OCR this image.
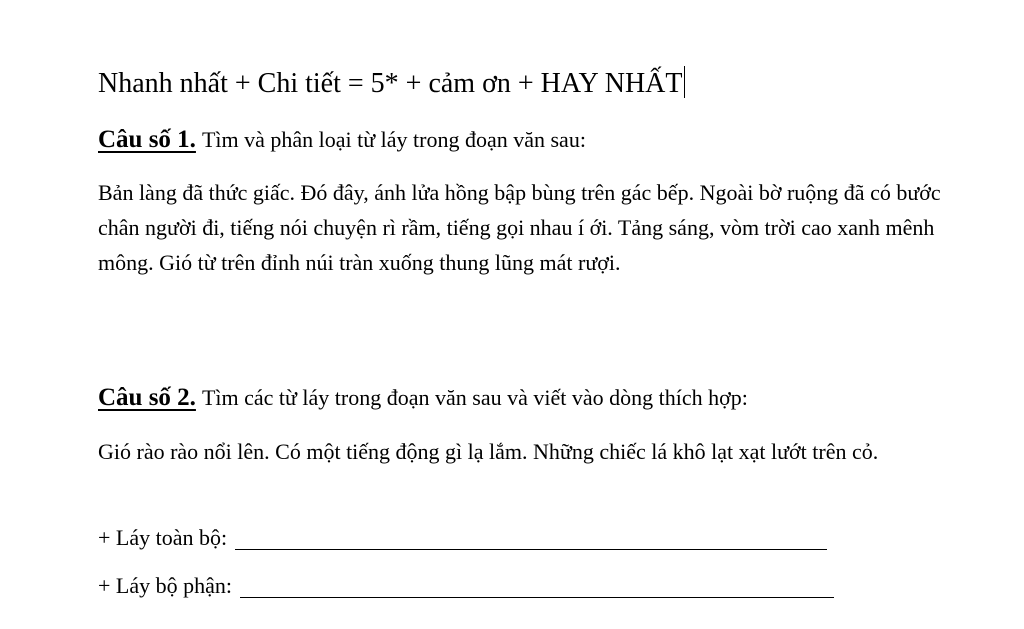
Nhanh nhất + Chi tiết = 5* + cảm ơn + HAY NHẤT
Câu số 1. Tìm và phân loại từ láy trong đoạn văn sau:
Bản làng đã thức giấc. Đó đây, ánh lửa hồng bập bùng trên gác bếp. Ngoài bờ ruộng đã có bước chân người đi, tiếng nói chuyện rì rầm, tiếng gọi nhau í ới. Tảng sáng, vòm trời cao xanh mênh mông. Gió từ trên đỉnh núi tràn xuống thung lũng mát rượi.
Câu số 2. Tìm các từ láy trong đoạn văn sau và viết vào dòng thích hợp:
Gió rào rào nổi lên. Có một tiếng động gì lạ lắm. Những chiếc lá khô lạt xạt lướt trên cỏ.
+ Láy toàn bộ:
+ Láy bộ phận:
